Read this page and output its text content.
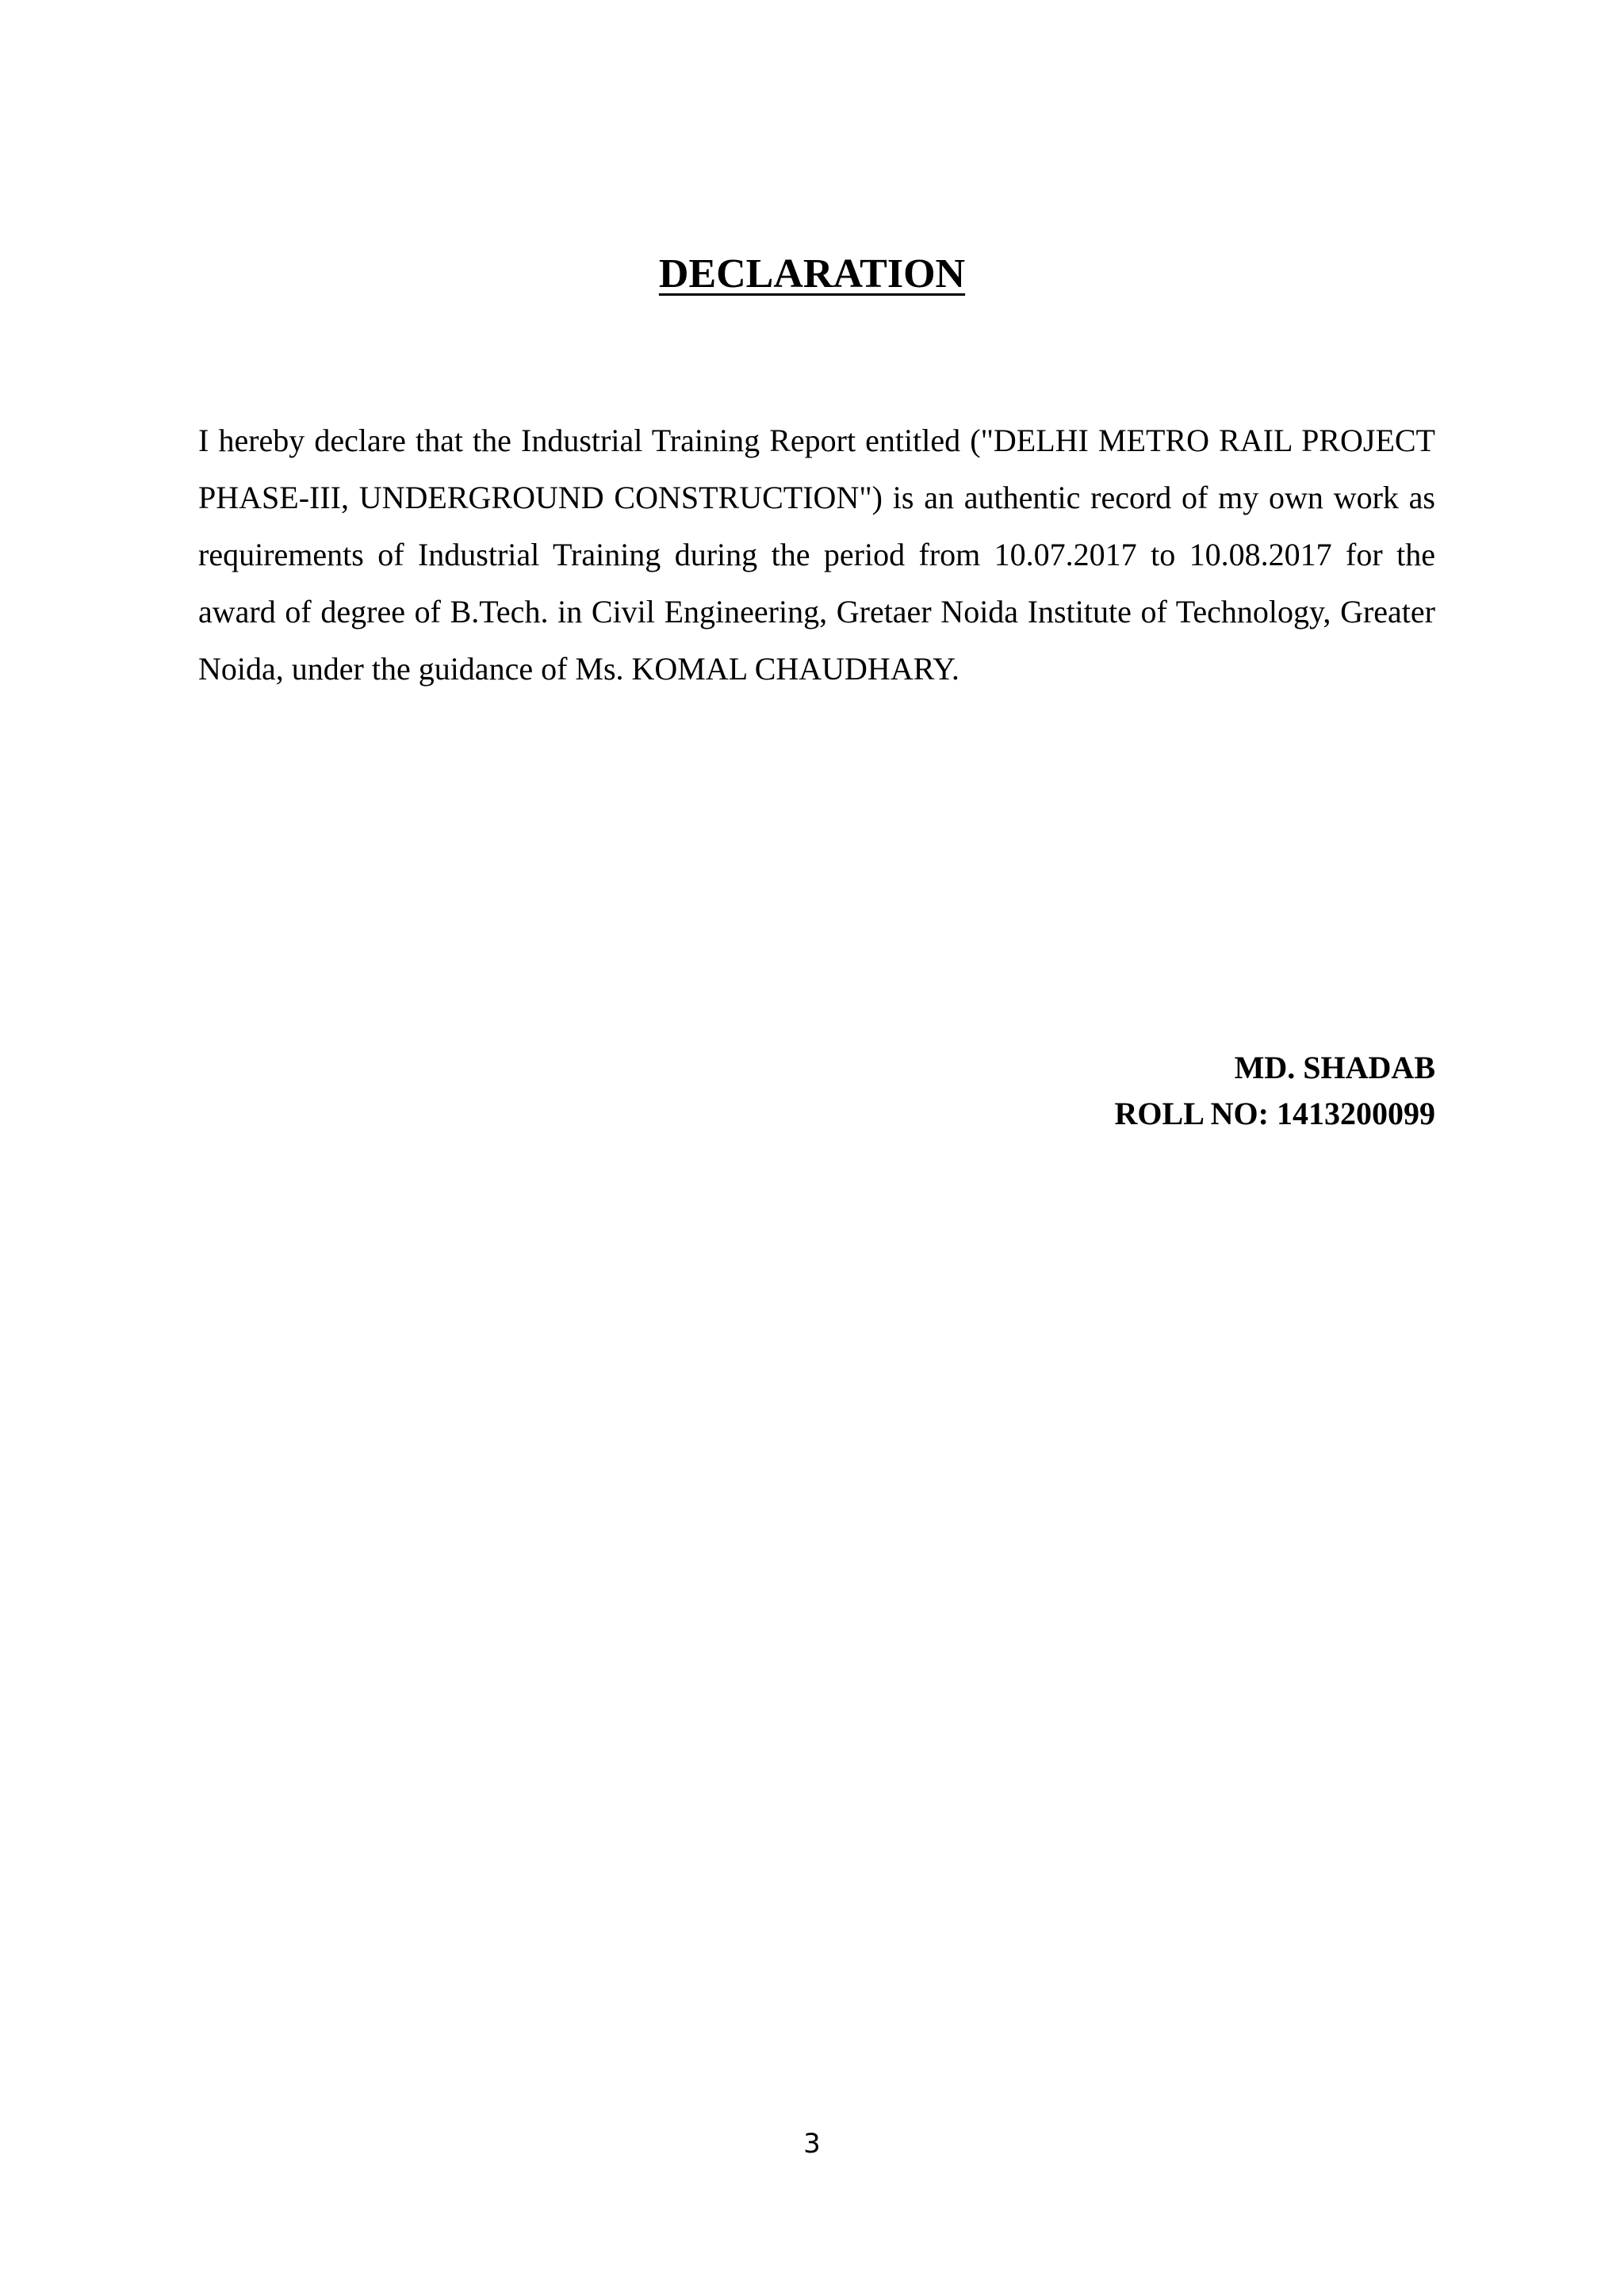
DECLARATION
I hereby declare that the Industrial Training Report entitled ("DELHI METRO RAIL PROJECT PHASE-III, UNDERGROUND CONSTRUCTION") is an authentic record of my own work as requirements of Industrial Training during the period from 10.07.2017 to 10.08.2017 for the award of degree of B.Tech. in Civil Engineering, Gretaer Noida Institute of Technology, Greater Noida, under the guidance of Ms. KOMAL CHAUDHARY.
MD. SHADAB
ROLL NO: 1413200099
3
